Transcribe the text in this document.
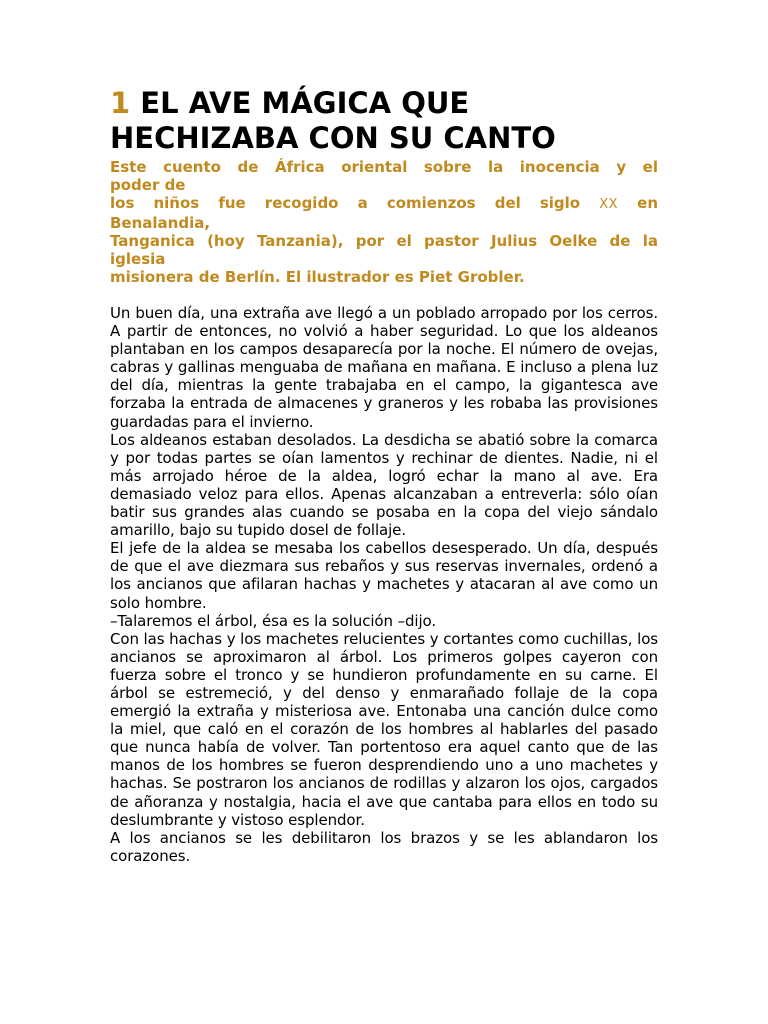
1 EL AVE MÁGICA QUE
HECHIZABA CON SU CANTO
Este cuento de África oriental sobre la inocencia y el
poder de
los niños fue recogido a comienzos del siglo XX en
Benalandia,
Tanganica (hoy Tanzania), por el pastor Julius Oelke de la
iglesia
misionera de Berlín. El ilustrador es Piet Grobler.

Un buen día, una extraña ave llegó a un poblado arropado por los cerros. A partir de entonces, no volvió a haber seguridad. Lo que los aldeanos plantaban en los campos desaparecía por la noche. El número de ovejas, cabras y gallinas menguaba de mañana en mañana. E incluso a plena luz del día, mientras la gente trabajaba en el campo, la gigantesca ave forzaba la entrada de almacenes y graneros y les robaba las provisiones guardadas para el invierno.

Los aldeanos estaban desolados. La desdicha se abatió sobre la comarca y por todas partes se oían lamentos y rechinar de dientes. Nadie, ni el más arrojado héroe de la aldea, logró echar la mano al ave. Era demasiado veloz para ellos. Apenas alcanzaban a entreverla: sólo oían batir sus grandes alas cuando se posaba en la copa del viejo sándalo amarillo, bajo su tupido dosel de follaje.

El jefe de la aldea se mesaba los cabellos desesperado. Un día, después de que el ave diezmara sus rebaños y sus reservas invernales, ordenó a los ancianos que afilaran hachas y machetes y atacaran al ave como un solo hombre.

–Talaremos el árbol, ésa es la solución –dijo.

Con las hachas y los machetes relucientes y cortantes como cuchillas, los ancianos se aproximaron al árbol. Los primeros golpes cayeron con fuerza sobre el tronco y se hundieron profundamente en su carne. El árbol se estremeció, y del denso y enmarañado follaje de la copa emergió la extraña y misteriosa ave. Entonaba una canción dulce como la miel, que caló en el corazón de los hombres al hablarles del pasado que nunca había de volver. Tan portentoso era aquel canto que de las manos de los hombres se fueron desprendiendo uno a uno machetes y hachas. Se postraron los ancianos de rodillas y alzaron los ojos, cargados de añoranza y nostalgia, hacia el ave que cantaba para ellos en todo su deslumbrante y vistoso esplendor.

A los ancianos se les debilitaron los brazos y se les ablandaron los corazones.
